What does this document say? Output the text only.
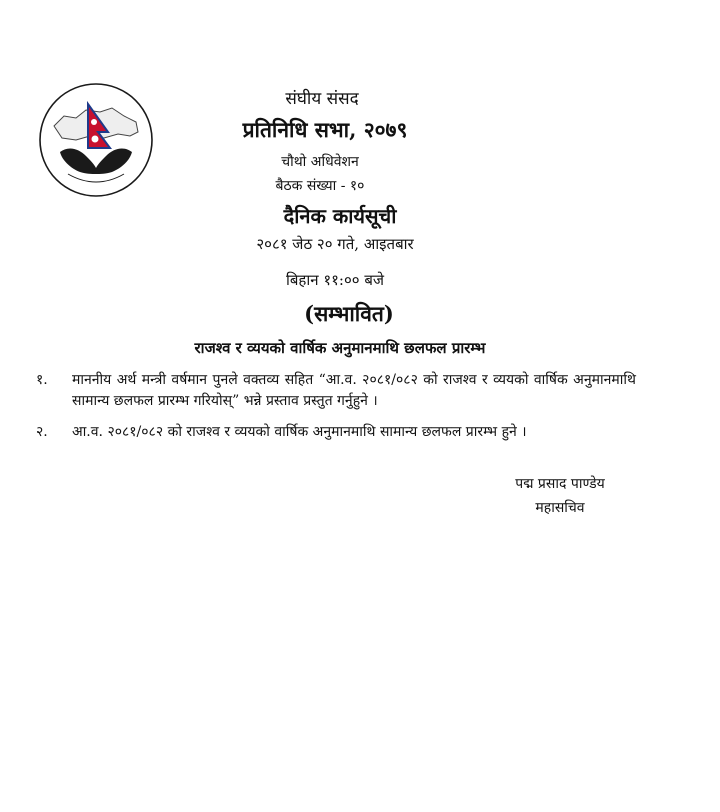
संघीय संसद
प्रतिनिधि सभा, २०७९
चौथो अधिवेशन
बैठक संख्या - १०
दैनिक कार्यसूची
२०८१ जेठ २० गते, आइतबार
बिहान ११:०० बजे
(सम्भावित)
राजश्व र व्ययको वार्षिक अनुमानमाथि छलफल प्रारम्भ
१.	माननीय अर्थ मन्त्री वर्षमान पुनले वक्तव्य सहित “आ.व. २०८१/०८२ को राजश्व र व्ययको वार्षिक अनुमानमाथि सामान्य छलफल प्रारम्भ गरियोस्” भन्ने प्रस्ताव प्रस्तुत गर्नुहुने ।
२.	आ.व. २०८१/०८२ को राजश्व र व्ययको वार्षिक अनुमानमाथि सामान्य छलफल प्रारम्भ हुने ।
पद्म प्रसाद पाण्डेय
महासचिव
